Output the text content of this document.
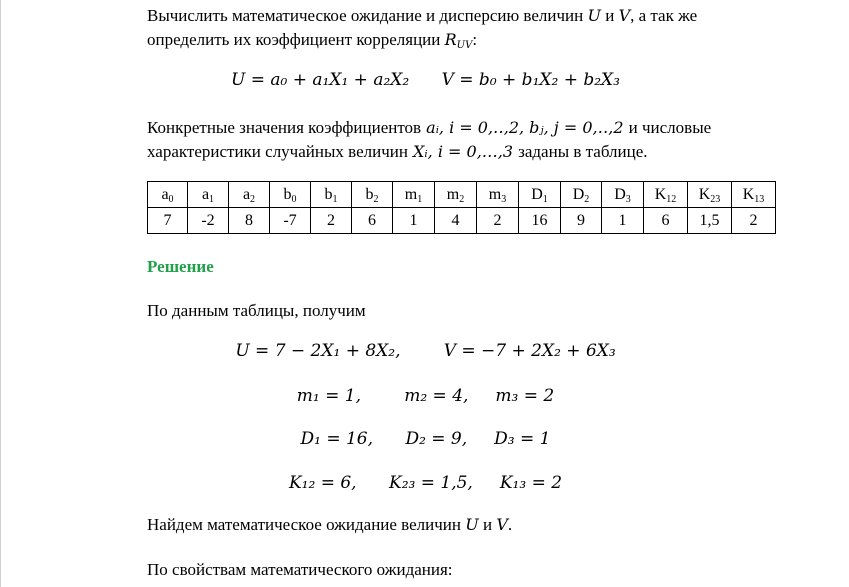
Вычислить математическое ожидание и дисперсию величин U и V, а так же
определить их коэффициент корреляции $R_{UV}$:
U = a₀ + a₁X₁ + a₂X₂      V = b₀ + b₁X₂ + b₂X₃
Конкретные значения коэффициентов aᵢ, i = 0,‥,2, bⱼ, j = 0,‥,2 и числовые
характеристики случайных величин Xᵢ, i = 0,…,3 заданы в таблице.
$a_0$	$a_1$	$a_2$	$b_0$	$b_1$	$b_2$	$m_1$	$m_2$	$m_3$	$D_1$	$D_2$	$D_3$	$K_{12}$	$K_{23}$	$K_{13}$
7	-2	8	-7	2	6	1	4	2	16	9	1	6	1,5	2
Решение
По данным таблицы, получим
U = 7 − 2X₁ + 8X₂,        V = −7 + 2X₂ + 6X₃
m₁ = 1,        m₂ = 4,     m₃ = 2
D₁ = 16,      D₂ = 9,     D₃ = 1
K₁₂ = 6,      K₂₃ = 1,5,     K₁₃ = 2
Найдем математическое ожидание величин U и V.
По свойствам математического ожидания:
